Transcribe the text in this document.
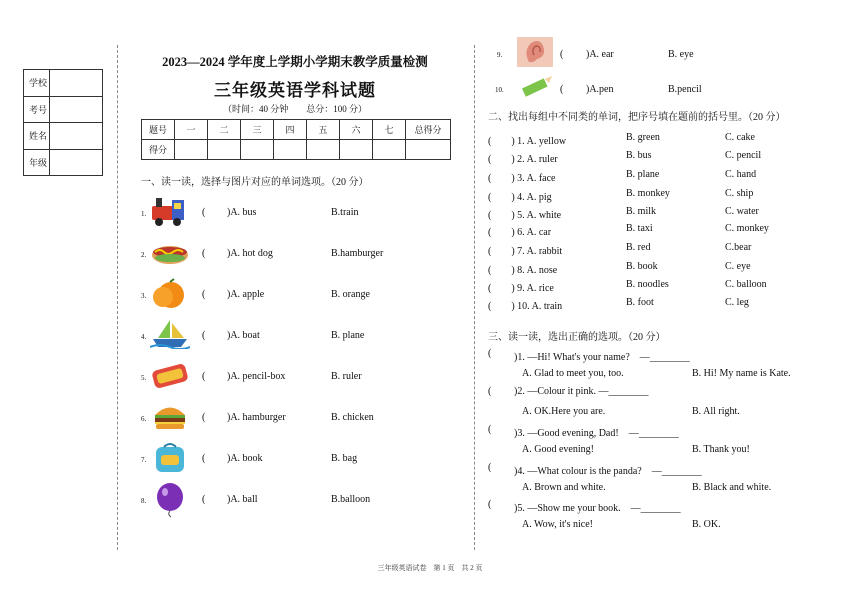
学校	
考号	
姓名	
年级	
2023—2024 学年度上学期小学期末教学质量检测
三年级英语学科试题
（时间：40 分钟　　总分：100 分）
题号	一	二	三	四	五	六	七	总得分
得分								
一、读一读，选择与图片对应的单词选项。（20 分）
1.	( )A. bus	B.train
2.	( )A. hot dog	B.hamburger
3.	( )A. apple	B. orange
4.	( )A. boat	B. plane
5.	( )A. pencil-box	B. ruler
6.	( )A. hamburger	B. chicken
7.	( )A. book	B. bag
8.	( )A. ball	B.balloon
9.	( )A. ear	B. eye
10.	( )A.pen	B.pencil
二、找出每组中不同类的单词，把序号填在题前的括号里。（20 分）
(　　) 1. A. yellow	B. green	C. cake
(　　) 2. A. ruler	B. bus	C. pencil
(　　) 3. A. face	B. plane	C. hand
(　　) 4. A. pig	B. monkey	C. ship
(　　) 5. A. white	B. milk	C. water
(　　) 6. A. car	B. taxi	C. monkey
(　　) 7. A. rabbit	B. red	C.bear
(　　) 8. A. nose	B. book	C. eye
(　　) 9. A. rice	B. noodles	C. balloon
(　　) 10. A. train	B. foot	C. leg
三、读一读，选出正确的选项。（20 分）
( )1. —Hi! What's your name?　—________
A. Glad to meet you, too.	B. Hi! My name is Kate.
( )2. —Colour it pink. —________
A. OK.Here you are.	B. All right.
( )3. —Good evening, Dad!　—________
A. Good evening!	B. Thank you!
( )4. —What colour is the panda?　—________
A. Brown and white.	B. Black and white.
( )5. —Show me your book.　—________
A. Wow, it's nice!	B. OK.
三年级英语试卷　第 1 页　共 2 页
